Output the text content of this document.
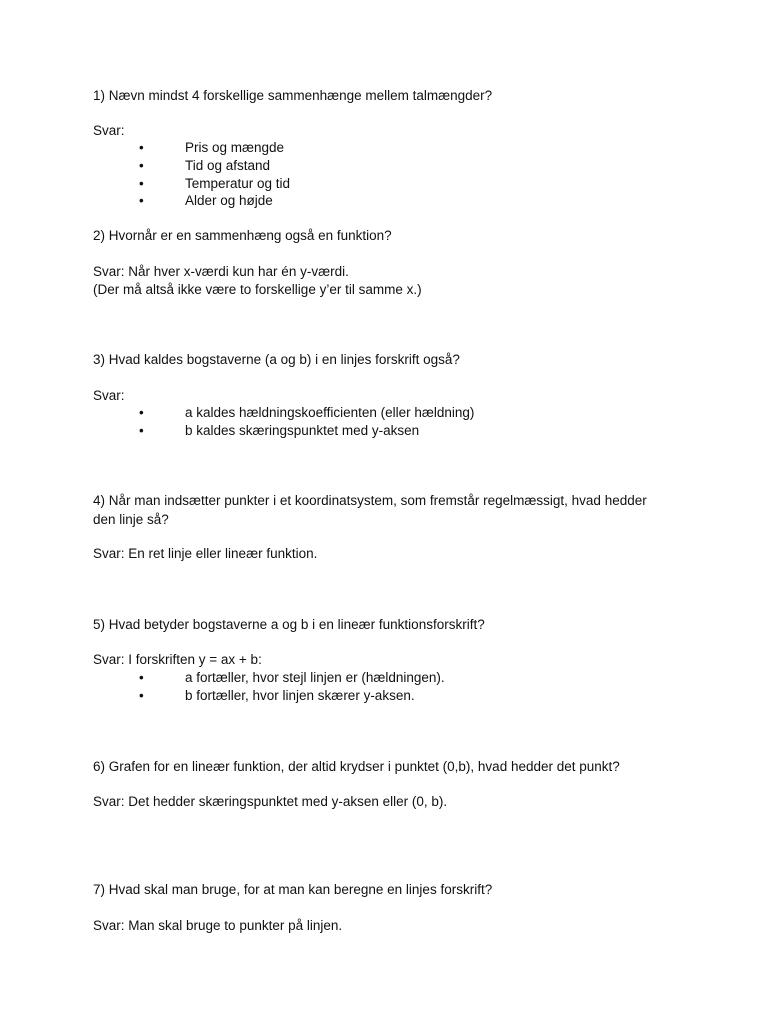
1) Nævn mindst 4 forskellige sammenhænge mellem talmængder?
Svar:
•	Pris og mængde
•	Tid og afstand
•	Temperatur og tid
•	Alder og højde
2) Hvornår er en sammenhæng også en funktion?
Svar: Når hver x-værdi kun har én y-værdi.
(Der må altså ikke være to forskellige y’er til samme x.)
3) Hvad kaldes bogstaverne (a og b) i en linjes forskrift også?
Svar:
•	a kaldes hældningskoefficienten (eller hældning)
•	b kaldes skæringspunktet med y-aksen
4) Når man indsætter punkter i et koordinatsystem, som fremstår regelmæssigt, hvad hedder
den linje så?
Svar: En ret linje eller lineær funktion.
5) Hvad betyder bogstaverne a og b i en lineær funktionsforskrift?
Svar: I forskriften y = ax + b:
•	a fortæller, hvor stejl linjen er (hældningen).
•	b fortæller, hvor linjen skærer y-aksen.
6) Grafen for en lineær funktion, der altid krydser i punktet (0,b), hvad hedder det punkt?
Svar: Det hedder skæringspunktet med y-aksen eller (0, b).
7) Hvad skal man bruge, for at man kan beregne en linjes forskrift?
Svar: Man skal bruge to punkter på linjen.
